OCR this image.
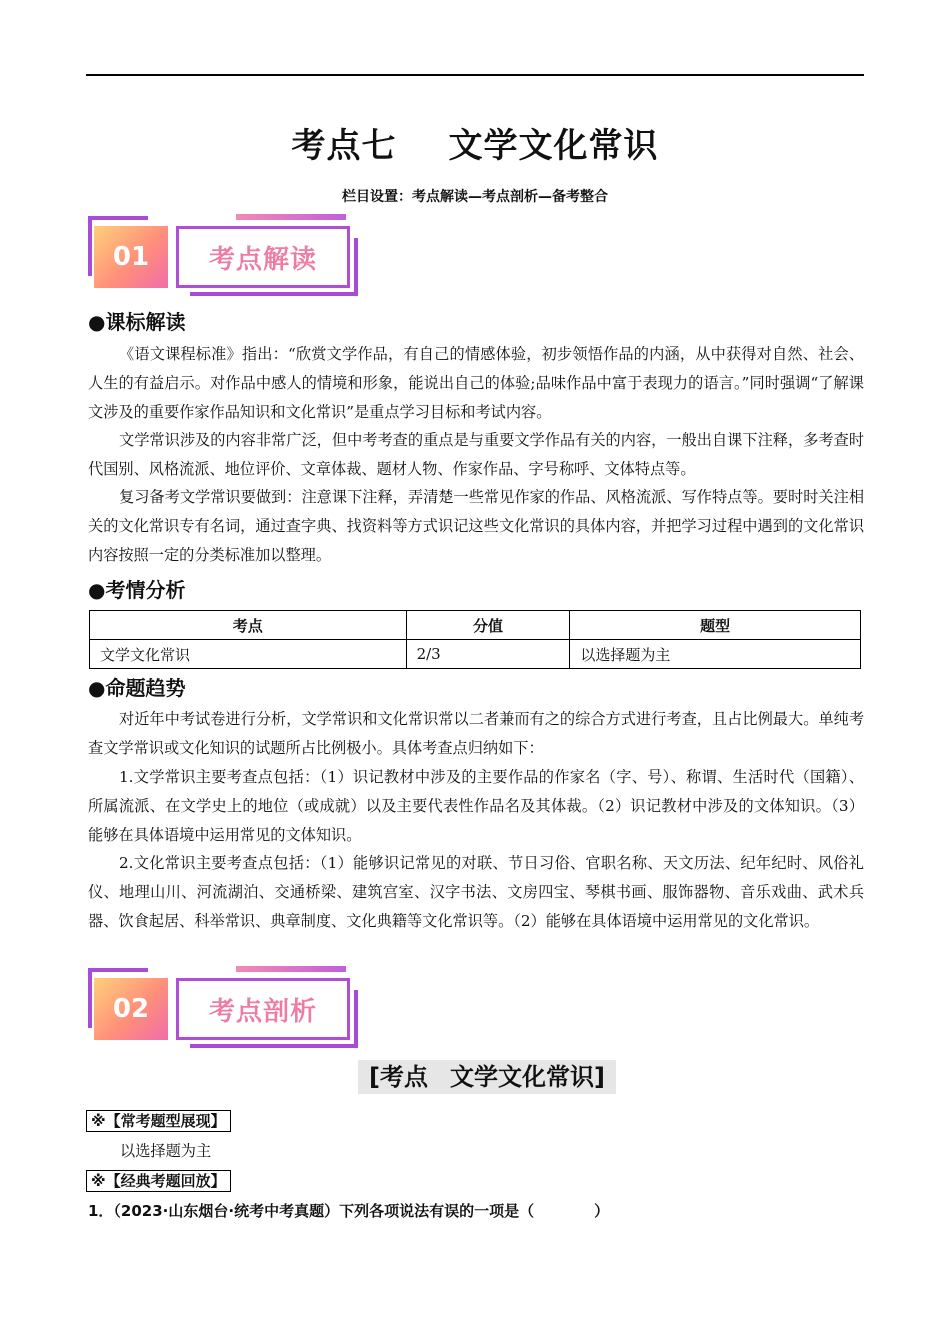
考点七 文学文化常识
栏目设置：考点解读—考点剖析—备考整合
01	考点解读
●课标解读

《语文课程标准》指出：“欣赏文学作品，有自己的情感体验，初步领悟作品的内涵，从中获得对自然、社会、人生的有益启示。对作品中感人的情境和形象，能说出自己的体验;品味作品中富于表现力的语言。”同时强调“了解课文涉及的重要作家作品知识和文化常识”是重点学习目标和考试内容。

文学常识涉及的内容非常广泛，但中考考查的重点是与重要文学作品有关的内容，一般出自课下注释，多考查时代国别、风格流派、地位评价、文章体裁、题材人物、作家作品、字号称呼、文体特点等。

复习备考文学常识要做到：注意课下注释，弄清楚一些常见作家的作品、风格流派、写作特点等。要时时关注相关的文化常识专有名词，通过查字典、找资料等方式识记这些文化常识的具体内容，并把学习过程中遇到的文化常识内容按照一定的分类标准加以整理。

●考情分析
考点	分值	题型
文学文化常识	2/3	以选择题为主
●命题趋势

对近年中考试卷进行分析，文学常识和文化常识常以二者兼而有之的综合方式进行考查，且占比例最大。单纯考查文学常识或文化知识的试题所占比例极小。具体考查点归纳如下：

1.文学常识主要考查点包括：（1）识记教材中涉及的主要作品的作家名（字、号）、称谓、生活时代（国籍）、所属流派、在文学史上的地位（或成就）以及主要代表性作品名及其体裁。（2）识记教材中涉及的文体知识。（3）能够在具体语境中运用常见的文体知识。

2.文化常识主要考查点包括：（1）能够识记常见的对联、节日习俗、官职名称、天文历法、纪年纪时、风俗礼仪、地理山川、河流湖泊、交通桥梁、建筑宫室、汉字书法、文房四宝、琴棋书画、服饰器物、音乐戏曲、武术兵器、饮食起居、科举常识、典章制度、文化典籍等文化常识等。（2）能够在具体语境中运用常见的文化常识。

02	考点剖析
[考点 文学文化常识]
※【常考题型展现】
以选择题为主
※【经典考题回放】
1．（2023·山东烟台·统考中考真题）下列各项说法有误的一项是（　　　　）
